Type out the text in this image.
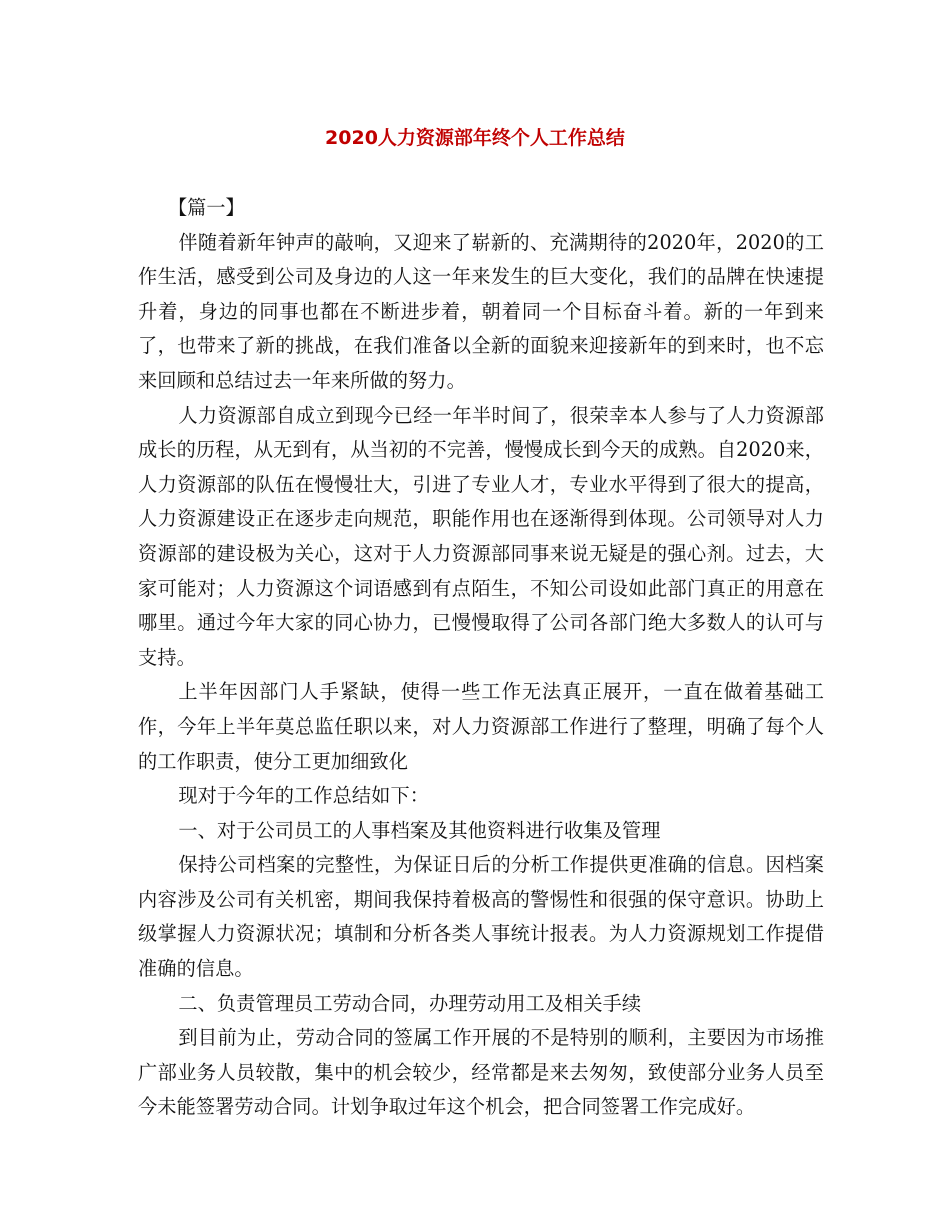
2020人力资源部年终个人工作总结

【篇一】

伴随着新年钟声的敲响，又迎来了崭新的、充满期待的2020年，2020的工作生活，感受到公司及身边的人这一年来发生的巨大变化，我们的品牌在快速提升着，身边的同事也都在不断进步着，朝着同一个目标奋斗着。新的一年到来了，也带来了新的挑战，在我们准备以全新的面貌来迎接新年的到来时，也不忘来回顾和总结过去一年来所做的努力。

人力资源部自成立到现今已经一年半时间了，很荣幸本人参与了人力资源部成长的历程，从无到有，从当初的不完善，慢慢成长到今天的成熟。自2020来，人力资源部的队伍在慢慢壮大，引进了专业人才，专业水平得到了很大的提高，人力资源建设正在逐步走向规范，职能作用也在逐渐得到体现。公司领导对人力资源部的建设极为关心，这对于人力资源部同事来说无疑是的强心剂。过去，大家可能对；人力资源这个词语感到有点陌生，不知公司设如此部门真正的用意在哪里。通过今年大家的同心协力，已慢慢取得了公司各部门绝大多数人的认可与支持。

上半年因部门人手紧缺，使得一些工作无法真正展开，一直在做着基础工作，今年上半年莫总监任职以来，对人力资源部工作进行了整理，明确了每个人的工作职责，使分工更加细致化

现对于今年的工作总结如下：

一、对于公司员工的人事档案及其他资料进行收集及管理

保持公司档案的完整性，为保证日后的分析工作提供更准确的信息。因档案内容涉及公司有关机密，期间我保持着极高的警惕性和很强的保守意识。协助上级掌握人力资源状况；填制和分析各类人事统计报表。为人力资源规划工作提借准确的信息。

二、负责管理员工劳动合同，办理劳动用工及相关手续

到目前为止，劳动合同的签属工作开展的不是特别的顺利，主要因为市场推广部业务人员较散，集中的机会较少，经常都是来去匆匆，致使部分业务人员至今未能签署劳动合同。计划争取过年这个机会，把合同签署工作完成好。
